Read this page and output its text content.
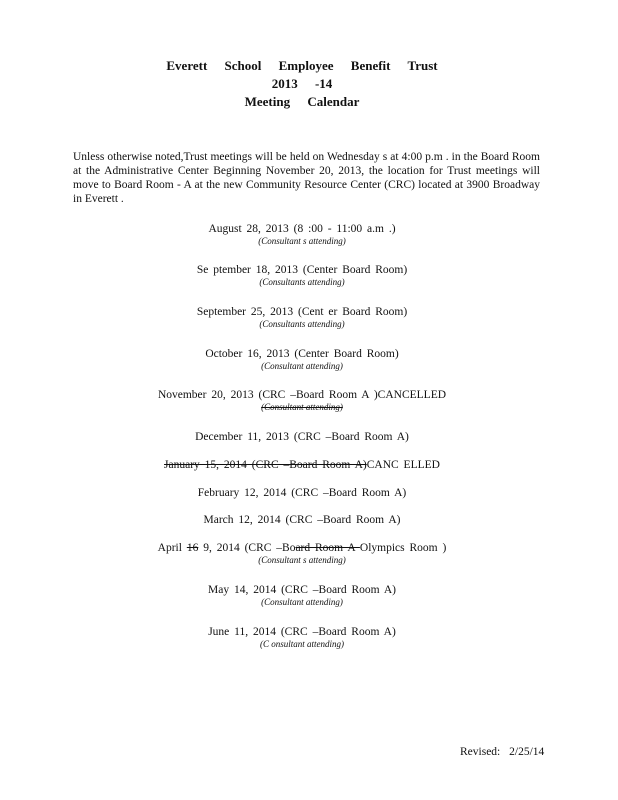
Everett School Employee Benefit Trust
2013 -14
Meeting Calendar

Unless otherwise noted,Trust meetings will be held on Wednesday s at 4:00 p.m . in the Board Room at the Administrative Center Beginning November 20, 2013, the location for Trust meetings will move to Board Room - A at the new Community Resource Center (CRC) located at 3900 Broadway in Everett .

August 28, 2013 (8 :00 - 11:00 a.m .)
(Consultant s attending)
Se ptember 18, 2013 (Center Board Room)
(Consultants attending)
September 25, 2013 (Cent er Board Room)
(Consultants attending)
October 16, 2013 (Center Board Room)
(Consultant attending)
November 20, 2013 (CRC –Board Room A )CANCELLED
(Consultant attending)
December 11, 2013 (CRC –Board Room A)
January 15, 2014 (CRC –Board Room A)CANC ELLED
February 12, 2014 (CRC –Board Room A)
March 12, 2014 (CRC –Board Room A)
April 16 9, 2014 (CRC –Board Room A Olympics Room )
(Consultant s attending)
May 14, 2014 (CRC –Board Room A)
(Consultant attending)
June 11, 2014 (CRC –Board Room A)
(C onsultant attending)
Revised: 2/25/14
